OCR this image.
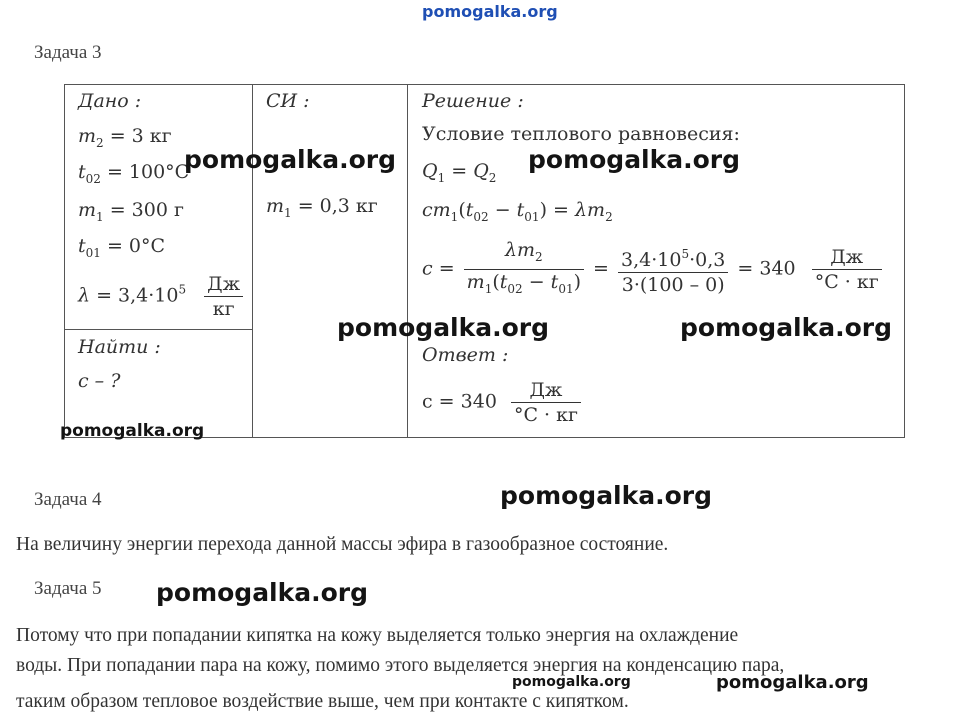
pomogalka.org
Задача 3
Дано :
$m_2 = 3$ кг
$t_{02} = 100^\circ C$
$m_1 = 300$ г
$t_{01} = 0^\circ C$
$\lambda = 3,4\cdot 10^5 \frac{Дж}{кг}$
Найти :
c – ?
СИ :
$m_1 = 0,3$ кг
Решение :
Условие теплового равновесия:
$Q_1 = Q_2$
$cm_1(t_{02} - t_{01}) = \lambda m_2$
$c = \frac{\lambda m_2}{m_1(t_{02} - t_{01})} = \frac{3,4\cdot 10^5\cdot 0,3}{3\cdot(100 - 0)} = 340 \frac{Дж}{^\circ C \cdot кг}$
Ответ :
$c = 340 \frac{Дж}{^\circ C \cdot кг}$
Задача 4
На величину энергии перехода данной массы эфира в газообразное состояние.
Задача 5
Потому что при попадании кипятка на кожу выделяется только энергия на охлаждение
воды. При попадании пара на кожу, помимо этого выделяется энергия на конденсацию пара,
таким образом тепловое воздействие выше, чем при контакте с кипятком.
pomogalka.org	pomogalka.org
pomogalka.org	pomogalka.org
pomogalka.org
pomogalka.org
pomogalka.org
pomogalka.org	pomogalka.org
